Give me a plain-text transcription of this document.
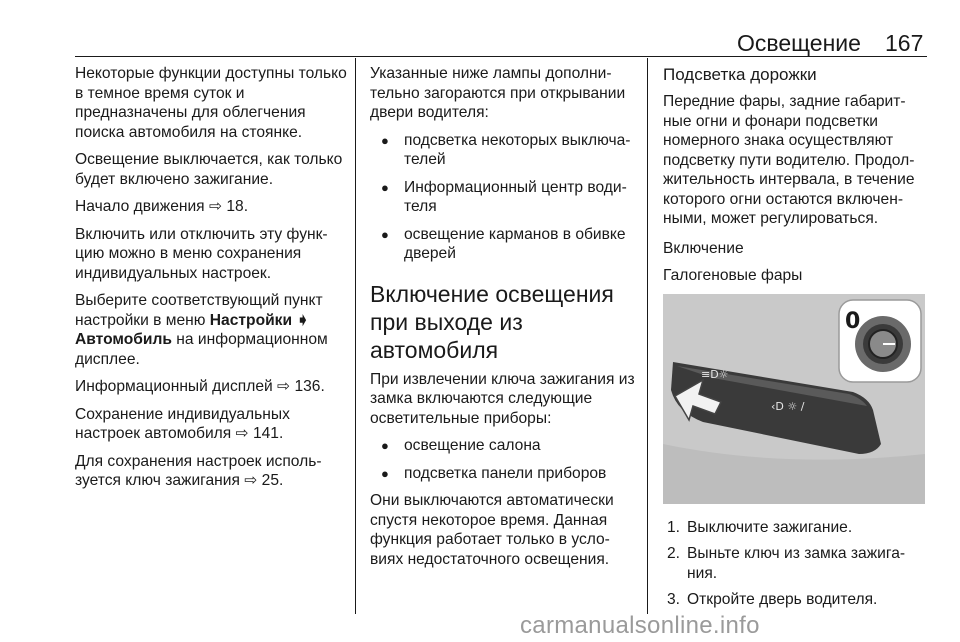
Освещение 167

Некоторые функции доступны только в темное время суток и предназначены для облегчения поиска автомобиля на стоянке.

Освещение выключается, как только будет включено зажигание.

Начало движения ⇨ 18.

Включить или отключить эту функ-цию можно в меню сохранения индивидуальных настроек.

Выберите соответствующий пункт настройки в меню Настройки ➧ Автомобиль на информационном дисплее.

Информационный дисплей ⇨ 136.

Сохранение индивидуальных настроек автомобиля ⇨ 141.

Для сохранения настроек исполь-зуется ключ зажигания ⇨ 25.

Указанные ниже лампы дополни-тельно загораются при открывании двери водителя:

● подсветка некоторых выключа-телей
● Информационный центр води-теля
● освещение карманов в обивке дверей
Включение освещения при выходе из автомобиля

При извлечении ключа зажигания из замка включаются следующие осветительные приборы:

● освещение салона
● подсветка панели приборов

Они выключаются автоматически спустя некоторое время. Данная функция работает только в усло-виях недостаточного освещения.

Подсветка дорожки

Передние фары, задние габарит-ные огни и фонари подсветки номерного знака осуществляют подсветку пути водителю. Продол-жительность интервала, в течение которого огни остаются включен-ными, может регулироваться.

Включение

Галогеновые фары

≡D☼
‹D ☼ /
0
1. Выключите зажигание.
2. Выньте ключ из замка зажига-ния.
3. Откройте дверь водителя.
carmanualsonline.info
